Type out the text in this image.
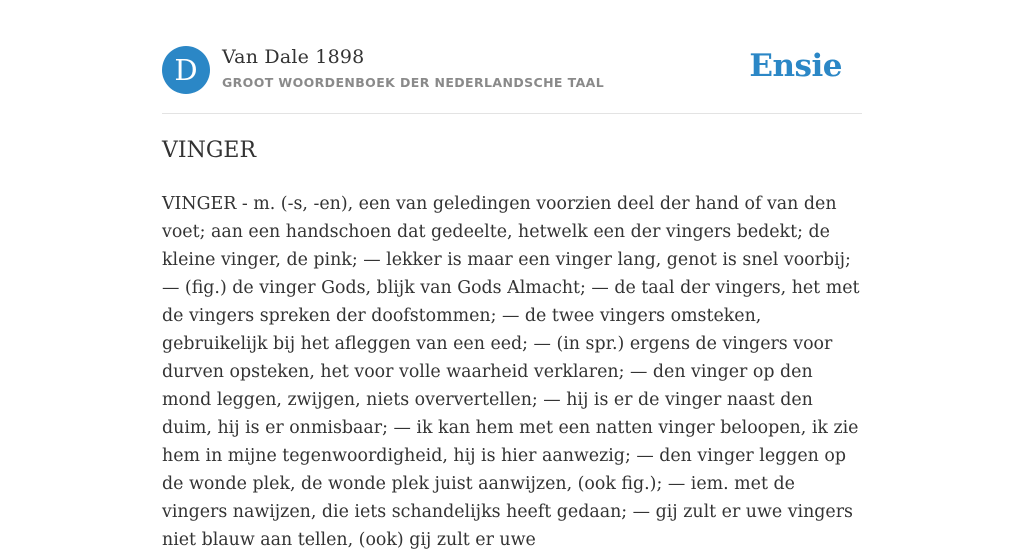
D	Van Dale 1898
GROOT WOORDENBOEK DER NEDERLANDSCHE TAAL	Ensie
VINGER

VINGER - m. (-s, -en), een van geledingen voorzien deel der hand of van den voet; aan een handschoen dat gedeelte, hetwelk een der vingers bedekt; de kleine vinger, de pink; — lekker is maar een vinger lang, genot is snel voorbij; — (fig.) de vinger Gods, blijk van Gods Almacht; — de taal der vingers, het met de vingers spreken der doofstommen; — de twee vingers omsteken, gebruikelijk bij het afleggen van een eed; — (in spr.) ergens de vingers voor durven opsteken, het voor volle waarheid verklaren; — den vinger op den mond leggen, zwijgen, niets oververtellen; — hij is er de vinger naast den duim, hij is er onmisbaar; — ik kan hem met een natten vinger beloopen, ik zie hem in mijne tegenwoordigheid, hij is hier aanwezig; — den vinger leggen op de wonde plek, de wonde plek juist aanwijzen, (ook fig.); — iem. met de vingers nawijzen, die iets schandelijks heeft gedaan; — gij zult er uwe vingers niet blauw aan tellen, (ook) gij zult er uwe
